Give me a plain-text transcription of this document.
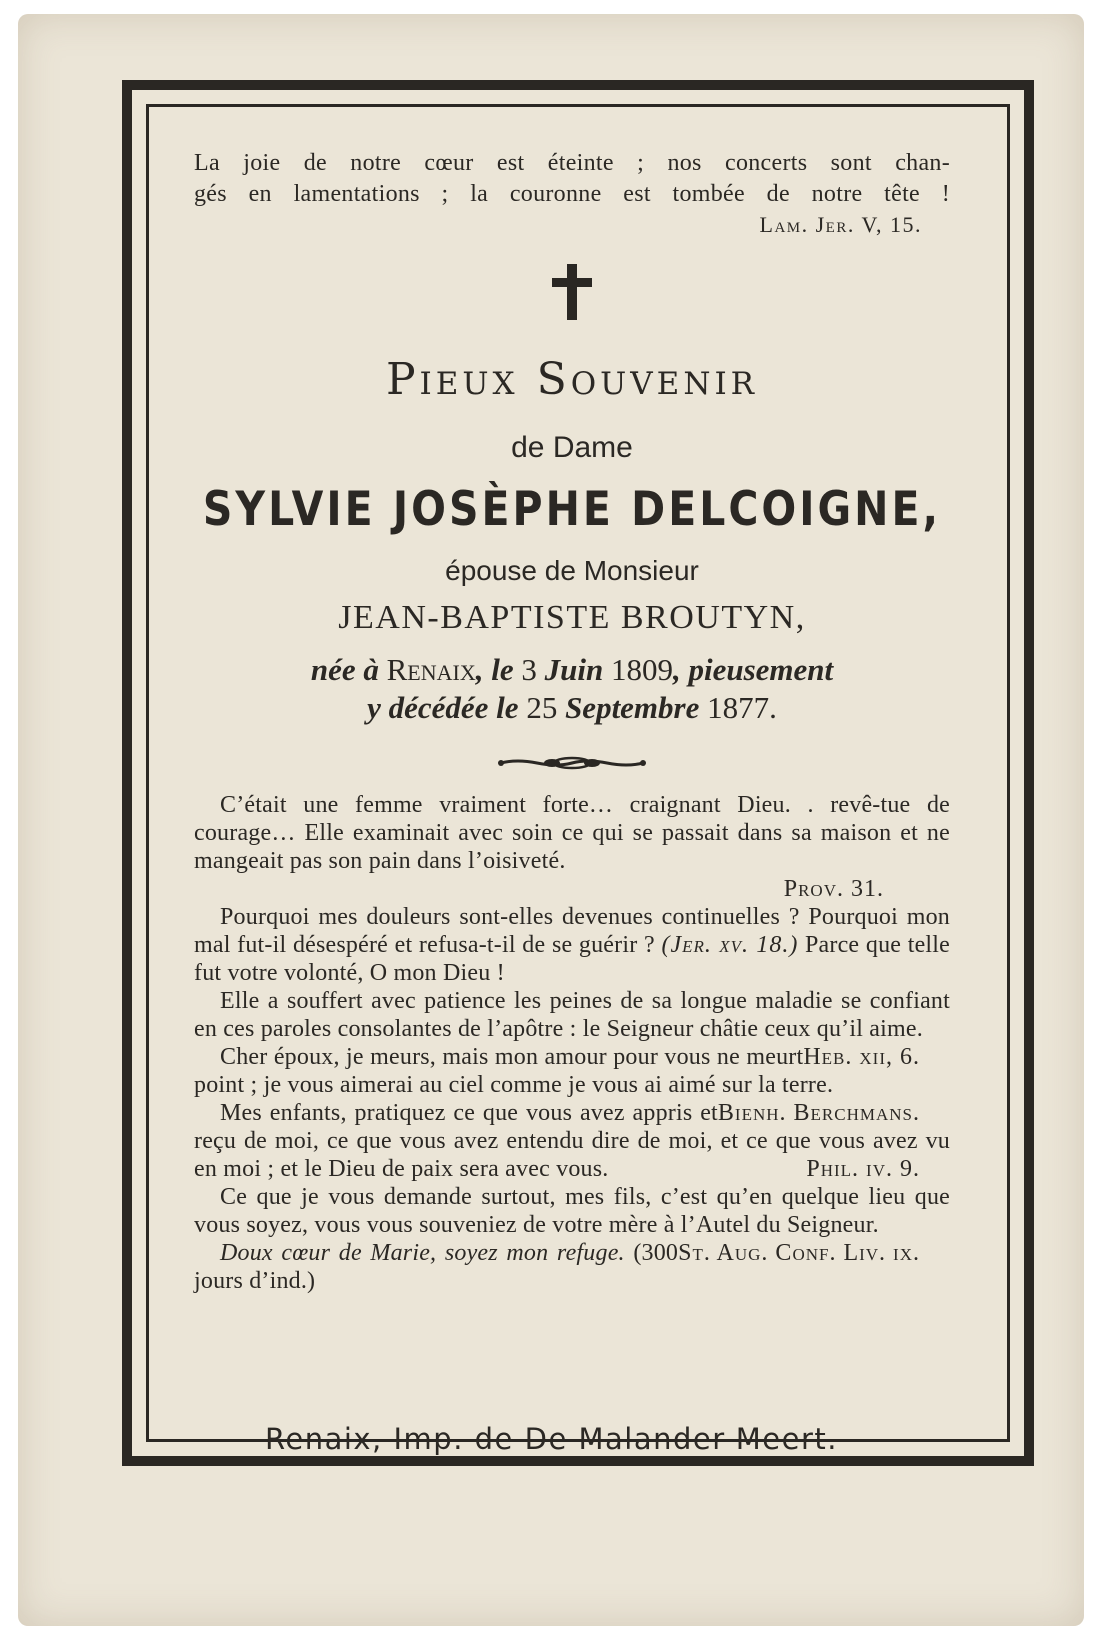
La joie de notre cœur est éteinte ; nos concerts sont chan-

gés en lamentations ; la couronne est tombée de notre tête !

Lam. Jer. V, 15.

Pieux Souvenir
de Dame
SYLVIE JOSÈPHE DELCOIGNE,
épouse de Monsieur
JEAN-BAPTISTE BROUTYN,
née à Renaix, le 3 Juin 1809, pieusement
y décédée le 25 Septembre 1877.

C’était une femme vraiment forte… craignant Dieu. . revê-tue de courage… Elle examinait avec soin ce qui se passait dans sa maison et ne mangeait pas son pain dans l’oisiveté.
Prov. 31.

Pourquoi mes douleurs sont-elles devenues continuelles ? Pourquoi mon mal fut-il désespéré et refusa-t-il de se guérir ? (Jer. xv. 18.) Parce que telle fut votre volonté, O mon Dieu !

Elle a souffert avec patience les peines de sa longue maladie se confiant en ces paroles consolantes de l’apôtre : le Seigneur châtie ceux qu’il aime.
Heb. xii, 6.

Cher époux, je meurs, mais mon amour pour vous ne meurt point ; je vous aimerai au ciel comme je vous ai aimé sur la terre.
Bienh. Berchmans.

Mes enfants, pratiquez ce que vous avez appris et reçu de moi, ce que vous avez entendu dire de moi, et ce que vous avez vu en moi ; et le Dieu de paix sera avec vous.	Phil. iv. 9.

Ce que je vous demande surtout, mes fils, c’est qu’en quelque lieu que vous soyez, vous vous souveniez de votre mère à l’Autel du Seigneur.
St. Aug. Conf. Liv. ix.

Doux cœur de Marie, soyez mon refuge. (300 jours d’ind.)

Renaix, Imp. de De Malander-Meert.
